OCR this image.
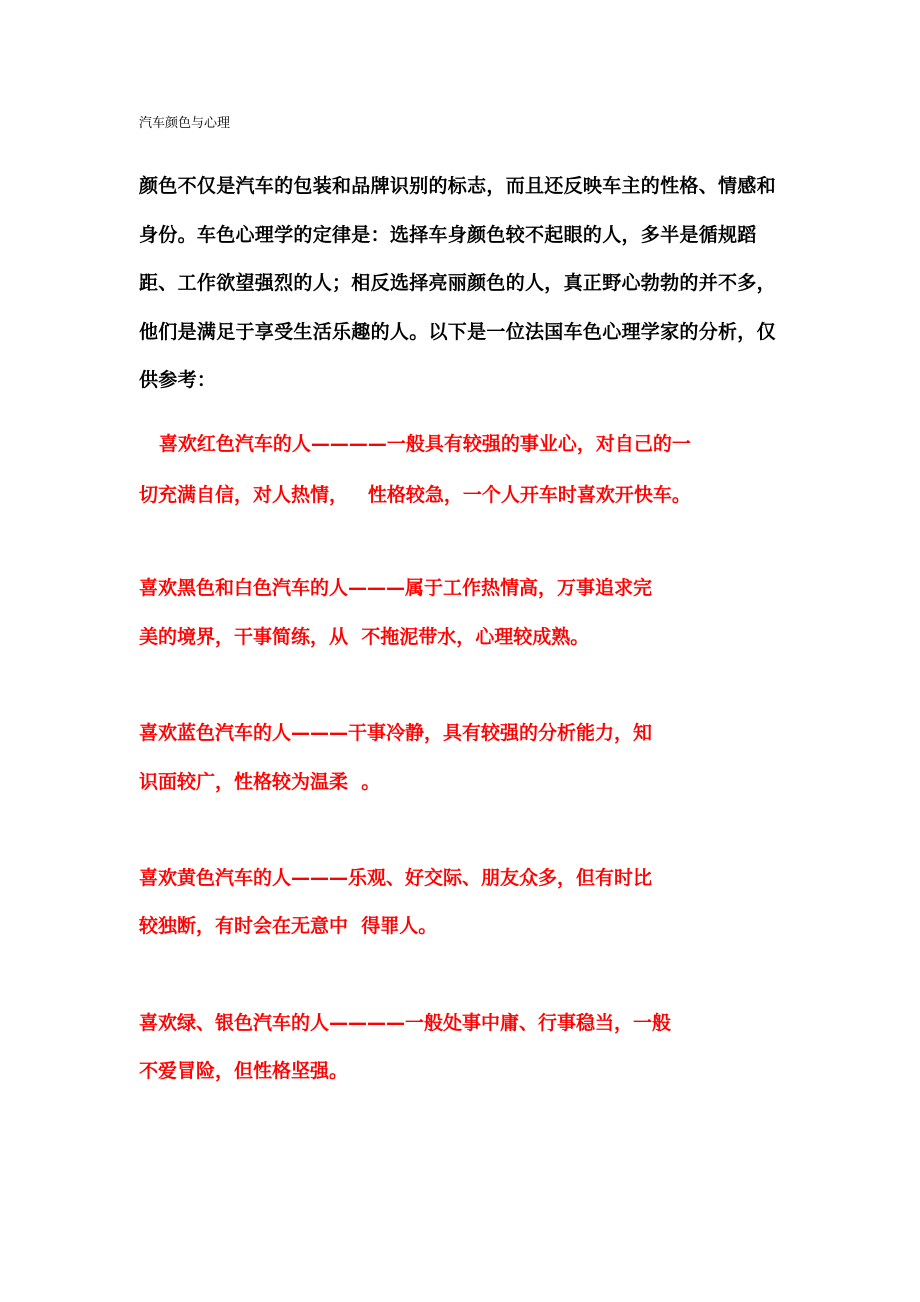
汽车颜色与心理
颜色不仅是汽车的包装和品牌识别的标志，而且还反映车主的性格、情感和身份。车色心理学的定律是：选择车身颜色较不起眼的人，多半是循规蹈距、工作欲望强烈的人；相反选择亮丽颜色的人，真正野心勃勃的并不多，他们是满足于享受生活乐趣的人。以下是一位法国车色心理学家的分析，仅供参考：
喜欢红色汽车的人————一般具有较强的事业心，对自己的一
切充满自信，对人热情，   性格较急，一个人开车时喜欢开快车。
喜欢黑色和白色汽车的人———属于工作热情高，万事追求完
美的境界，干事简练，从  不拖泥带水，心理较成熟。
喜欢蓝色汽车的人———干事冷静，具有较强的分析能力，知
识面较广，性格较为温柔  。
喜欢黄色汽车的人———乐观、好交际、朋友众多，但有时比
较独断，有时会在无意中  得罪人。
喜欢绿、银色汽车的人————一般处事中庸、行事稳当，一般
不爱冒险，但性格坚强。
